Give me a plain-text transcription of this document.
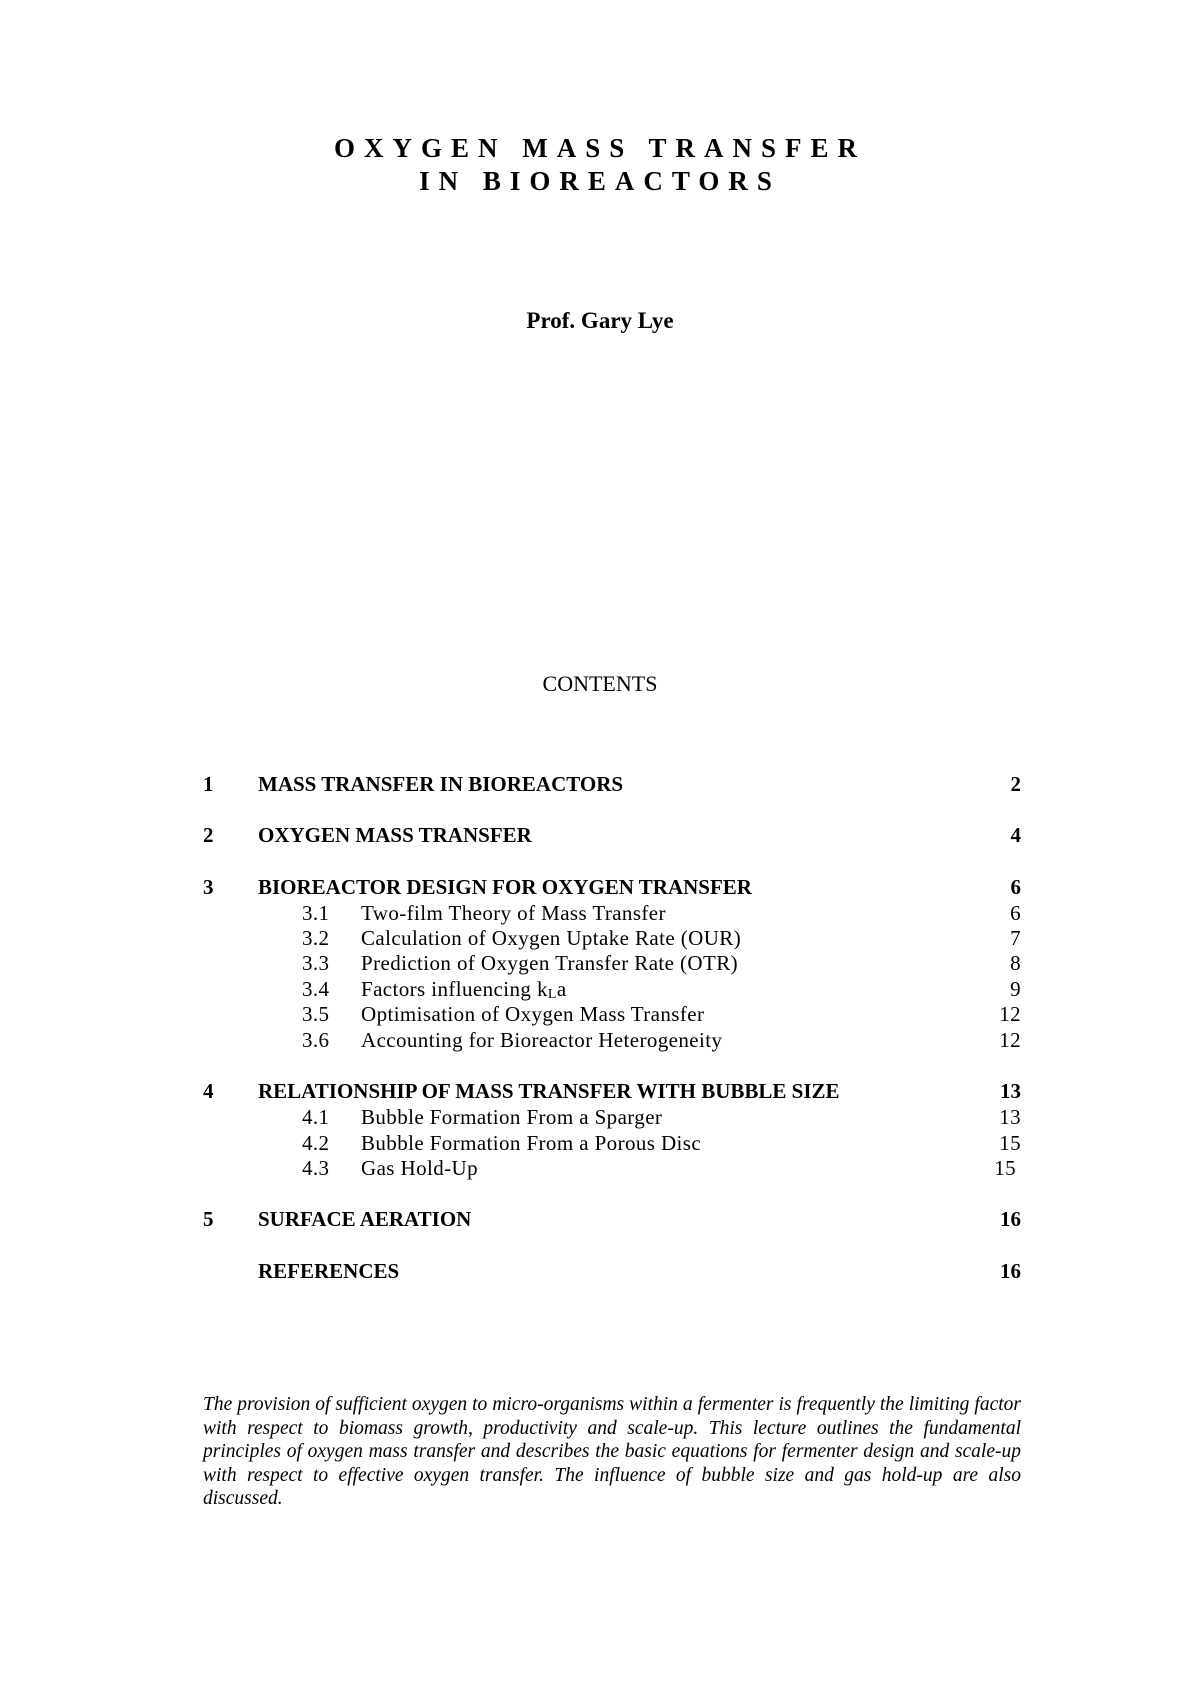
OXYGEN MASS TRANSFER
IN BIOREACTORS
Prof. Gary Lye
CONTENTS
1 MASS TRANSFER IN BIOREACTORS	2
2 OXYGEN MASS TRANSFER	4
3 BIOREACTOR DESIGN FOR OXYGEN TRANSFER	6
3.1 Two-film Theory of Mass Transfer	6
3.2 Calculation of Oxygen Uptake Rate (OUR)	7
3.3 Prediction of Oxygen Transfer Rate (OTR)	8
3.4 Factors influencing $k_La$	9
3.5 Optimisation of Oxygen Mass Transfer	12
3.6 Accounting for Bioreactor Heterogeneity	12
4 RELATIONSHIP OF MASS TRANSFER WITH BUBBLE SIZE	13
4.1 Bubble Formation From a Sparger	13
4.2 Bubble Formation From a Porous Disc	15
4.3 Gas Hold-Up	15
5 SURFACE AERATION	16
REFERENCES	16
The provision of sufficient oxygen to micro-organisms within a fermenter is frequently the limiting factor with respect to biomass growth, productivity and scale-up. This lecture outlines the fundamental principles of oxygen mass transfer and describes the basic equations for fermenter design and scale-up with respect to effective oxygen transfer. The influence of bubble size and gas hold-up are also discussed.
